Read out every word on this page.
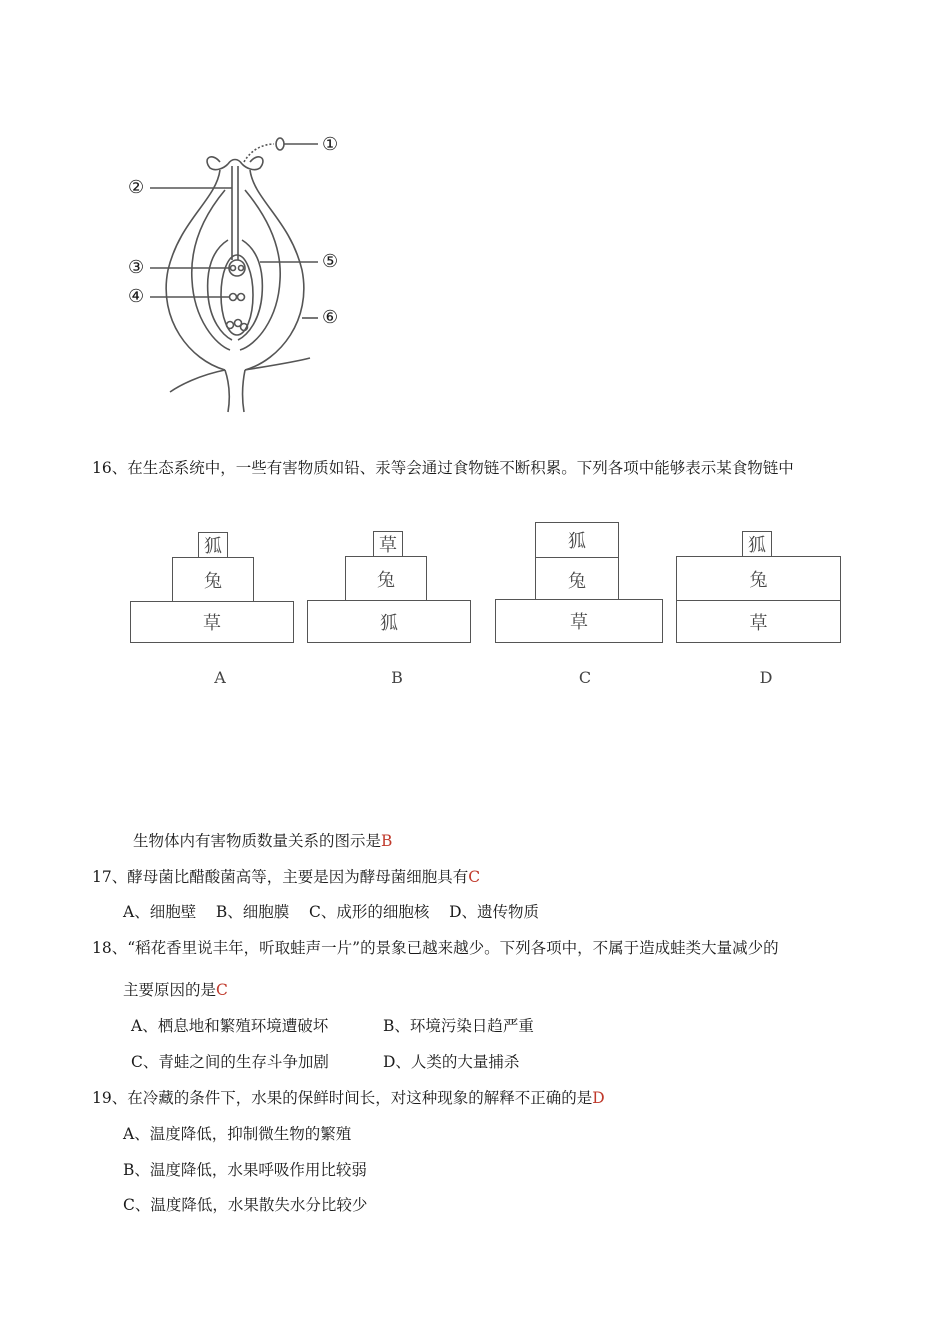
①
②
③
④
⑤
⑥
16、在生态系统中，一些有害物质如铅、汞等会通过食物链不断积累。下列各项中能够表示某食物链中
狐
兔
草
A
草
兔
狐
B
狐
兔
草
C
狐
兔
草
D
生物体内有害物质数量关系的图示是B
17、酵母菌比醋酸菌高等，主要是因为酵母菌细胞具有C
A、细胞壁    B、细胞膜    C、成形的细胞核    D、遗传物质
18、“稻花香里说丰年，听取蛙声一片”的景象已越来越少。下列各项中，不属于造成蛙类大量减少的
主要原因的是C
A、栖息地和繁殖环境遭破坏	B、环境污染日趋严重
C、青蛙之间的生存斗争加剧	D、人类的大量捕杀
19、在冷藏的条件下，水果的保鲜时间长，对这种现象的解释不正确的是D
A、温度降低，抑制微生物的繁殖
B、温度降低，水果呼吸作用比较弱
C、温度降低，水果散失水分比较少
